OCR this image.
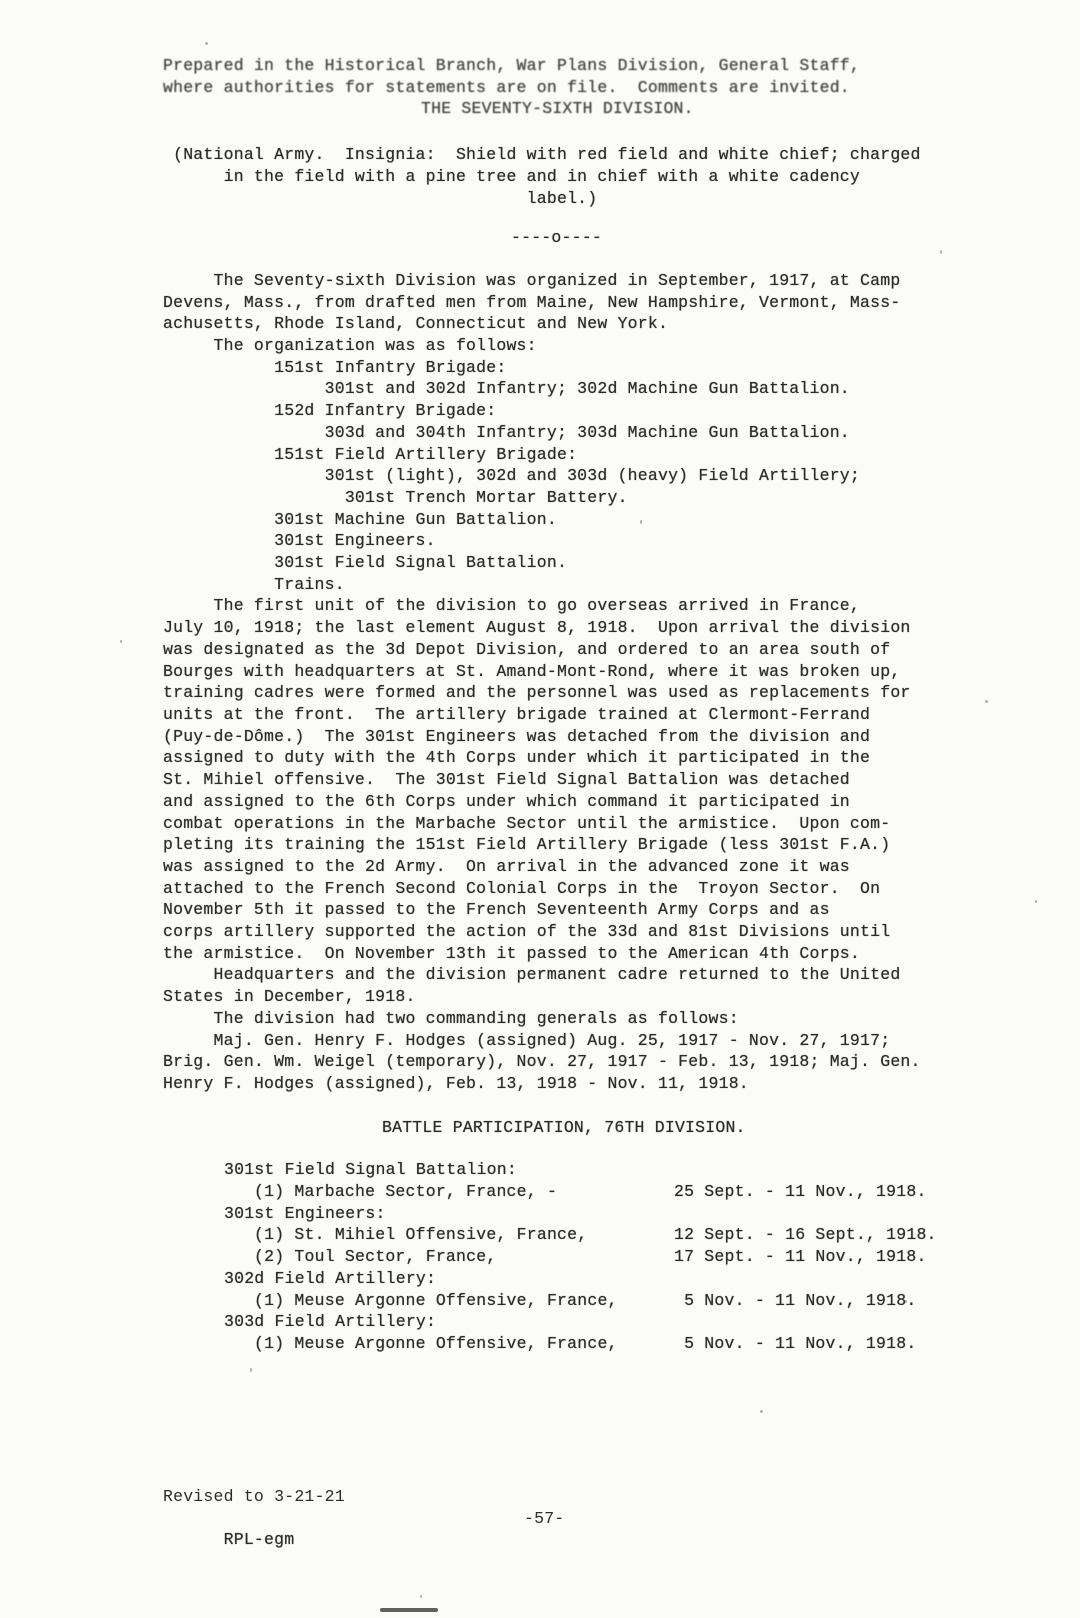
Prepared in the Historical Branch, War Plans Division, General Staff,
where authorities for statements are on file.  Comments are invited.
THE SEVENTY-SIXTH DIVISION.
(National Army.  Insignia:  Shield with red field and white chief; charged
in the field with a pine tree and in chief with a white cadency
label.)
----o----
The Seventy-sixth Division was organized in September, 1917, at Camp
Devens, Mass., from drafted men from Maine, New Hampshire, Vermont, Mass-
achusetts, Rhode Island, Connecticut and New York.
The organization was as follows:
151st Infantry Brigade:
301st and 302d Infantry; 302d Machine Gun Battalion.
152d Infantry Brigade:
303d and 304th Infantry; 303d Machine Gun Battalion.
151st Field Artillery Brigade:
301st (light), 302d and 303d (heavy) Field Artillery;
301st Trench Mortar Battery.
301st Machine Gun Battalion.
301st Engineers.
301st Field Signal Battalion.
Trains.
The first unit of the division to go overseas arrived in France,
July 10, 1918; the last element August 8, 1918.  Upon arrival the division
was designated as the 3d Depot Division, and ordered to an area south of
Bourges with headquarters at St. Amand-Mont-Rond, where it was broken up,
training cadres were formed and the personnel was used as replacements for
units at the front.  The artillery brigade trained at Clermont-Ferrand
(Puy-de-Dôme.)  The 301st Engineers was detached from the division and
assigned to duty with the 4th Corps under which it participated in the
St. Mihiel offensive.  The 301st Field Signal Battalion was detached
and assigned to the 6th Corps under which command it participated in
combat operations in the Marbache Sector until the armistice.  Upon com-
pleting its training the 151st Field Artillery Brigade (less 301st F.A.)
was assigned to the 2d Army.  On arrival in the advanced zone it was
attached to the French Second Colonial Corps in the  Troyon Sector.  On
November 5th it passed to the French Seventeenth Army Corps and as
corps artillery supported the action of the 33d and 81st Divisions until
the armistice.  On November 13th it passed to the American 4th Corps.
Headquarters and the division permanent cadre returned to the United
States in December, 1918.
The division had two commanding generals as follows:
Maj. Gen. Henry F. Hodges (assigned) Aug. 25, 1917 - Nov. 27, 1917;
Brig. Gen. Wm. Weigel (temporary), Nov. 27, 1917 - Feb. 13, 1918; Maj. Gen.
Henry F. Hodges (assigned), Feb. 13, 1918 - Nov. 11, 1918.
BATTLE PARTICIPATION, 76TH DIVISION.
301st Field Signal Battalion:
(1) Marbache Sector, France, -	25 Sept. - 11 Nov., 1918.
301st Engineers:
(1) St. Mihiel Offensive, France,	12 Sept. - 16 Sept., 1918.
(2) Toul Sector, France,	17 Sept. - 11 Nov., 1918.
302d Field Artillery:
(1) Meuse Argonne Offensive, France,	5 Nov. - 11 Nov., 1918.
303d Field Artillery:
(1) Meuse Argonne Offensive, France,	5 Nov. - 11 Nov., 1918.
Revised to 3-21-21

RPL-egm

-57-
